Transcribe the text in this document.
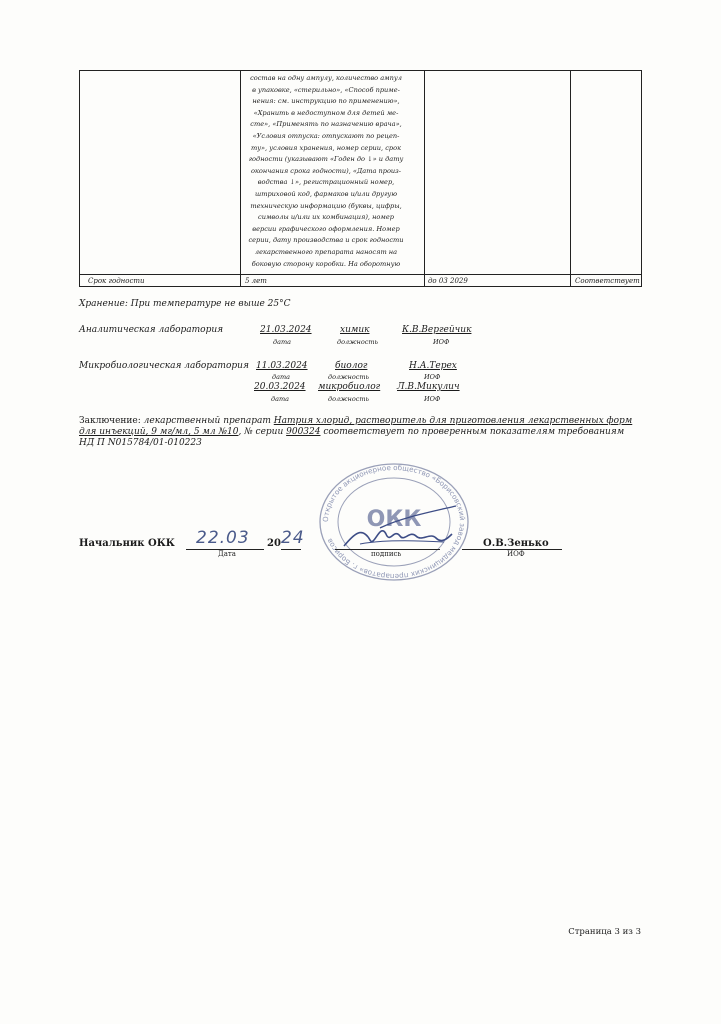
состав на одну ампулу, количество ампул
в упаковке, «стерильно», «Способ приме-
нения: см. инструкцию по применению»,
«Хранить в недоступном для детей ме-
сте», «Применять по назначению врача»,
«Условия отпуска: отпускают по рецеп-
ту», условия хранения, номер серии, срок
годности (указывают «Годен до ↓» и дату
окончания срока годности), «Дата произ-
водства ↓», регистрационный номер,
штриховой код, фармаков и/или другую
техническую информацию (буквы, цифры,
символы и/или их комбинация), номер
версии графического оформления. Номер
серии, дату производства и срок годности
лекарственного препарата наносят на
боковую сторону коробки. На оборотную
Срок годности	5 лет	до 03 2029	Соответствует
Хранение: При температуре не выше 25°С
Аналитическая лаборатория	21.03.2024	химик	К.В.Вергейчик
дата	должность	ИОФ
Микробиологическая лаборатория 11.03.2024	биолог	Н.А.Терех
дата	должность	ИОФ
20.03.2024 микробиолог Л.В.Микулич
дата	должность	ИОФ
Заключение: лекарственный препарат Натрия хлорид, растворитель для приготовления лекарственных форм для инъекций, 9 мг/мл, 5 мл №10, № серии 900324 соответствует по проверенным показателям требованиям
НД П N015784/01-010223
Открытое акционерное общество «Борисовский завод медицинских препаратов» г. Борисов
ОКК
Начальник ОКК 22.03 20 24
Дата	подпись
О.В.Зенько
ИОФ
Страница 3 из 3
